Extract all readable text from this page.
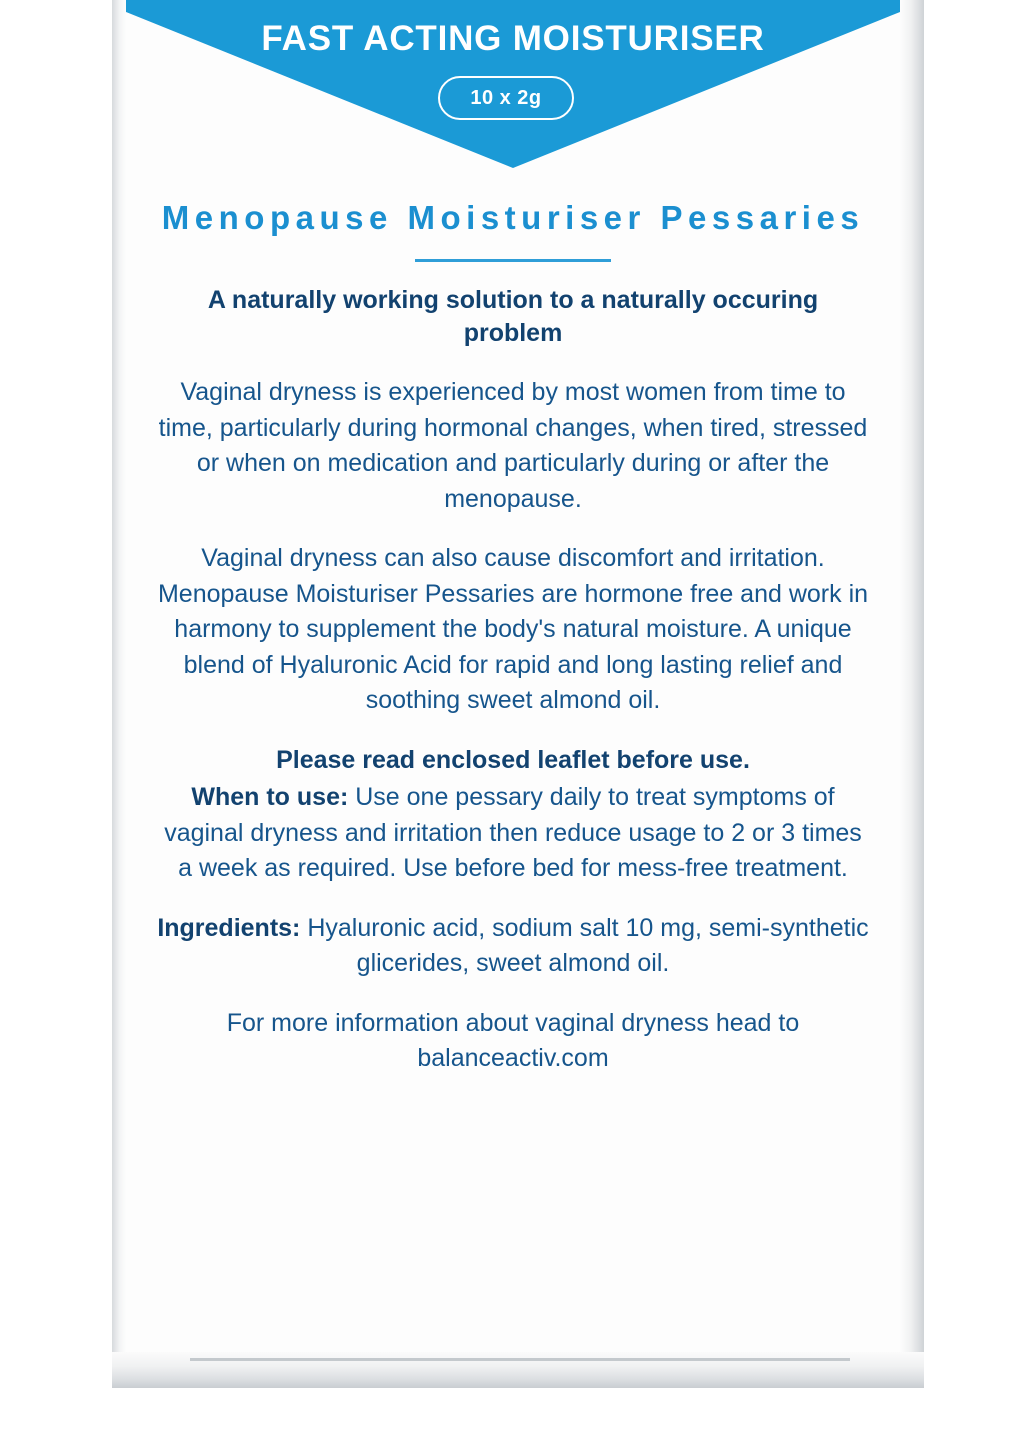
FAST ACTING MOISTURISER
10 x 2g
Menopause Moisturiser Pessaries

A naturally working solution to a naturally occuring problem

Vaginal dryness is experienced by most women from time to time, particularly during hormonal changes, when tired, stressed or when on medication and particularly during or after the menopause.

Vaginal dryness can also cause discomfort and irritation. Menopause Moisturiser Pessaries are hormone free and work in harmony to supplement the body's natural moisture. A unique blend of Hyaluronic Acid for rapid and long lasting relief and soothing sweet almond oil.

Please read enclosed leaflet before use.

When to use: Use one pessary daily to treat symptoms of vaginal dryness and irritation then reduce usage to 2 or 3 times a week as required. Use before bed for mess-free treatment.

Ingredients: Hyaluronic acid, sodium salt 10 mg, semi-synthetic glicerides, sweet almond oil.

For more information about vaginal dryness head to
balanceactiv.com
